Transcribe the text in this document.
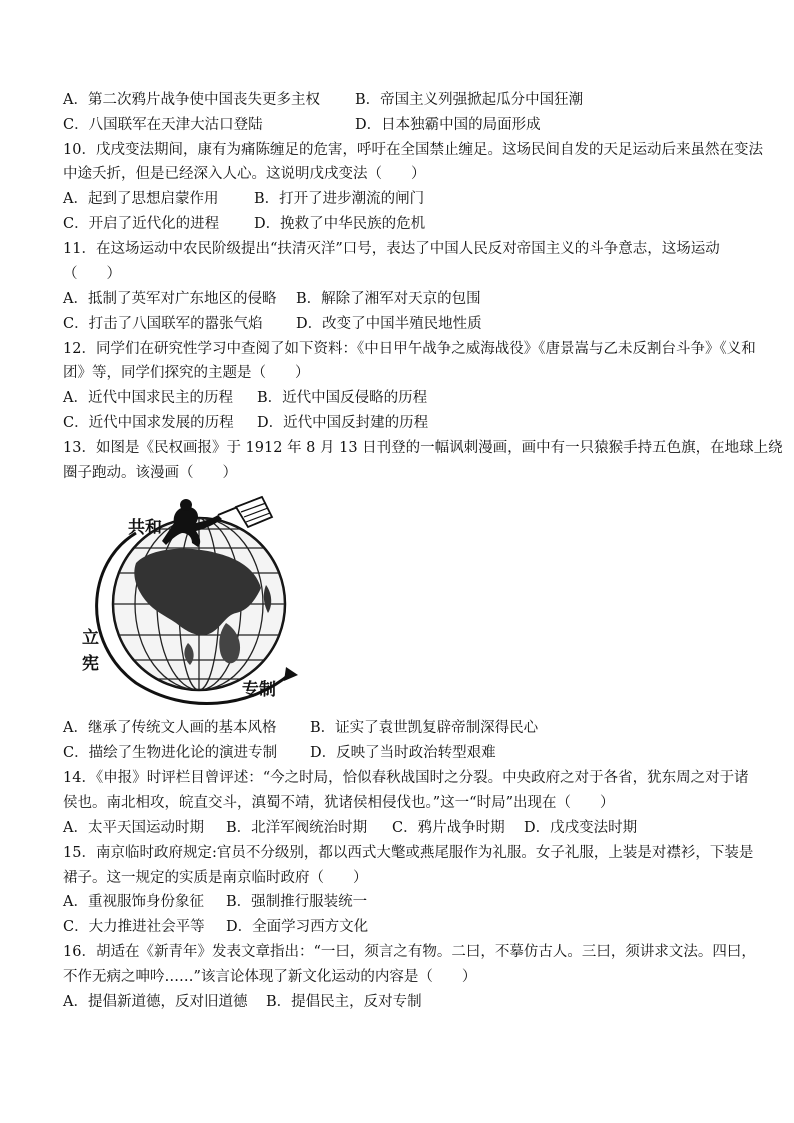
A．第二次鸦片战争使中国丧失更多主权 B．帝国主义列强掀起瓜分中国狂潮
C．八国联军在天津大沽口登陆	D．日本独霸中国的局面形成
10．戊戌变法期间，康有为痛陈缠足的危害，呼吁在全国禁止缠足。这场民间自发的天足运动后来虽然在变法
中途夭折，但是已经深入人心。这说明戊戌变法（　　）
A．起到了思想启蒙作用 B．打开了进步潮流的闸门
C．开启了近代化的进程 D．挽救了中华民族的危机
11．在这场运动中农民阶级提出“扶清灭洋”口号，表达了中国人民反对帝国主义的斗争意志，这场运动
（　　）
A．抵制了英军对广东地区的侵略 B．解除了湘军对天京的包围
C．打击了八国联军的嚣张气焰 D．改变了中国半殖民地性质
12．同学们在研究性学习中查阅了如下资料：《中日甲午战争之威海战役》《唐景嵩与乙未反割台斗争》《义和
团》等，同学们探究的主题是（　　）
A．近代中国求民主的历程 B．近代中国反侵略的历程
C．近代中国求发展的历程 D．近代中国反封建的历程
13．如图是《民权画报》于 1912 年 8 月 13 日刊登的一幅讽刺漫画，画中有一只猿猴手持五色旗，在地球上绕
圈子跑动。该漫画（　　）
共和
立
宪
专制
A．继承了传统文人画的基本风格 B．证实了袁世凯复辟帝制深得民心
C．描绘了生物进化论的演进专制 D．反映了当时政治转型艰难
14．《申报》时评栏目曾评述：“今之时局，恰似春秋战国时之分裂。中央政府之对于各省，犹东周之对于诸
侯也。南北相攻，皖直交斗，滇蜀不靖，犹诸侯相侵伐也。”这一“时局”出现在（　　）
A．太平天国运动时期 B．北洋军阀统治时期 C．鸦片战争时期 D．戊戌变法时期
15．南京临时政府规定:官员不分级别，都以西式大氅或燕尾服作为礼服。女子礼服，上装是对襟衫，下装是
裙子。这一规定的实质是南京临时政府（　　）
A．重视服饰身份象征 B．强制推行服装统一
C．大力推进社会平等 D．全面学习西方文化
16．胡适在《新青年》发表文章指出：“一曰，须言之有物。二曰，不摹仿古人。三曰，须讲求文法。四曰，
不作无病之呻吟……”该言论体现了新文化运动的内容是（　　）
A．提倡新道德，反对旧道德 B．提倡民主，反对专制
